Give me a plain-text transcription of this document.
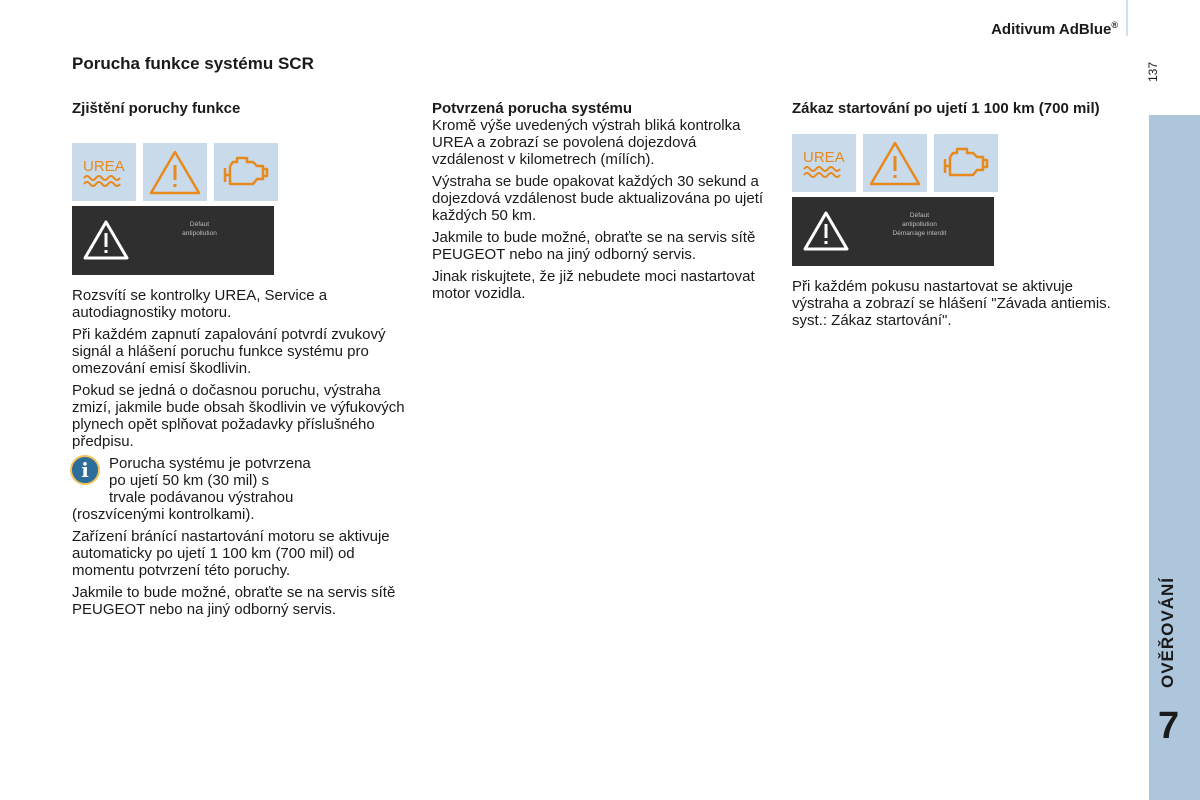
Aditivum AdBlue®
137
OVĚŘOVÁNÍ
7
Porucha funkce systému SCR
Zjištění poruchy funkce
UREA
Défaut
antipollution

Rozsvítí se kontrolky UREA, Service a autodiagnostiky motoru.

Při každém zapnutí zapalování potvrdí zvukový signál a hlášení poruchu funkce systému pro omezování emisí škodlivin.

Pokud se jedná o dočasnou poruchu, výstraha zmizí, jakmile bude obsah škodlivin ve výfukových plynech opět splňovat požadavky příslušného předpisu.

i	Porucha systému je potvrzena
po ujetí 50 km (30 mil) s
trvale podávanou výstrahou
(roszvícenými kontrolkami).

Zařízení bránící nastartování motoru se aktivuje automaticky po ujetí 1 100 km (700 mil) od momentu potvrzení této poruchy.

Jakmile to bude možné, obraťte se na servis sítě PEUGEOT nebo na jiný odborný servis.

Potvrzená porucha systému

Kromě výše uvedených výstrah bliká kontrolka UREA a zobrazí se povolená dojezdová vzdálenost v kilometrech (mílích).

Výstraha se bude opakovat každých 30 sekund a dojezdová vzdálenost bude aktualizována po ujetí každých 50 km.

Jakmile to bude možné, obraťte se na servis sítě PEUGEOT nebo na jiný odborný servis.

Jinak riskujtete, že již nebudete moci nastartovat motor vozidla.

Zákaz startování po ujetí 1 100 km (700 mil)
UREA
Défaut
antipollution
Démarrage interdit

Při každém pokusu nastartovat se aktivuje výstraha a zobrazí se hlášení "Závada antiemis. syst.: Zákaz startování".
